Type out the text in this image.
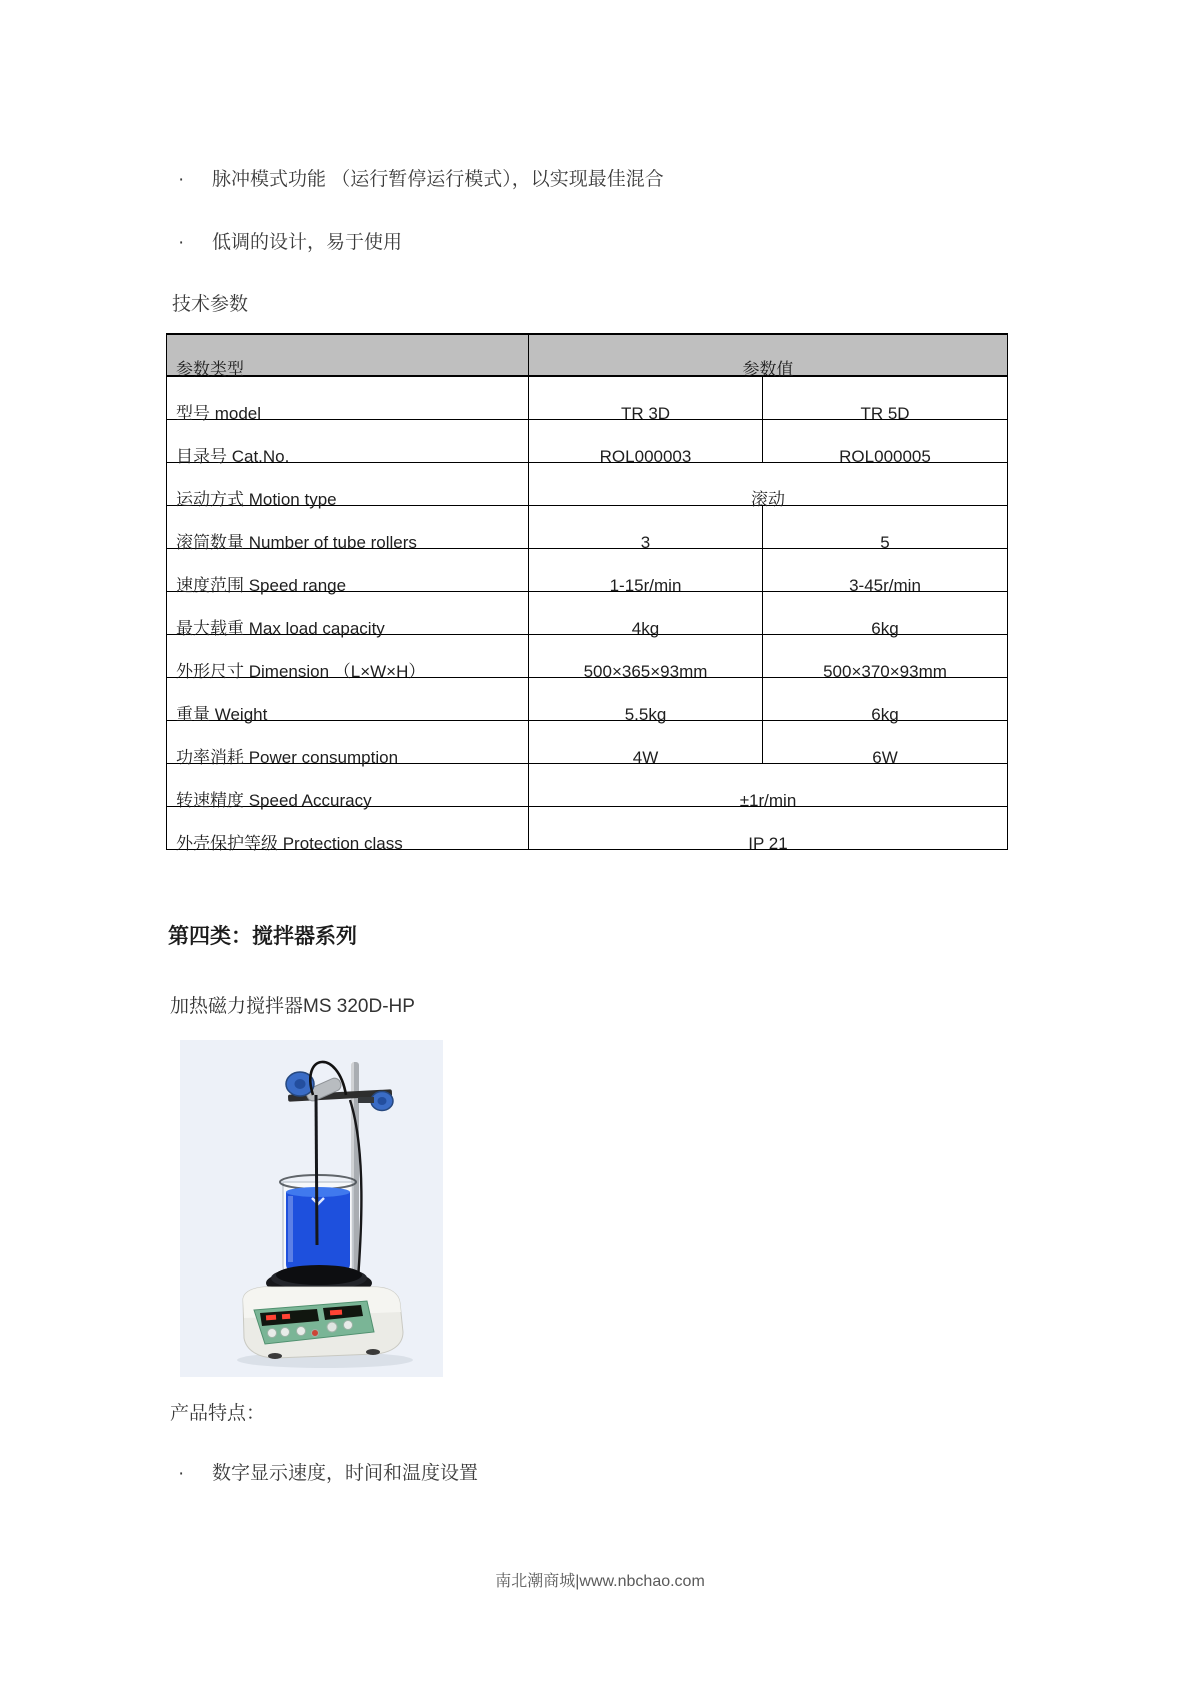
·	脉冲模式功能 （运行暂停运行模式），以实现最佳混合
·	低调的设计，易于使用
技术参数
参数类型	参数值	
型号 model	TR 3D	TR 5D
目录号 Cat.No.	ROL000003	ROL000005
运动方式 Motion type	滚动	
滚筒数量 Number of tube rollers	3	5
速度范围 Speed range	1-15r/min	3-45r/min
最大载重 Max load capacity	4kg	6kg
外形尺寸 Dimension （L×W×H）	500×365×93mm	500×370×93mm
重量 Weight	5.5kg	6kg
功率消耗 Power consumption	4W	6W
转速精度 Speed Accuracy	±1r/min	
外壳保护等级 Protection class	IP 21	
第四类：搅拌器系列
加热磁力搅拌器MS 320D-HP
产品特点：
·	数字显示速度，时间和温度设置
南北潮商城|www.nbchao.com
